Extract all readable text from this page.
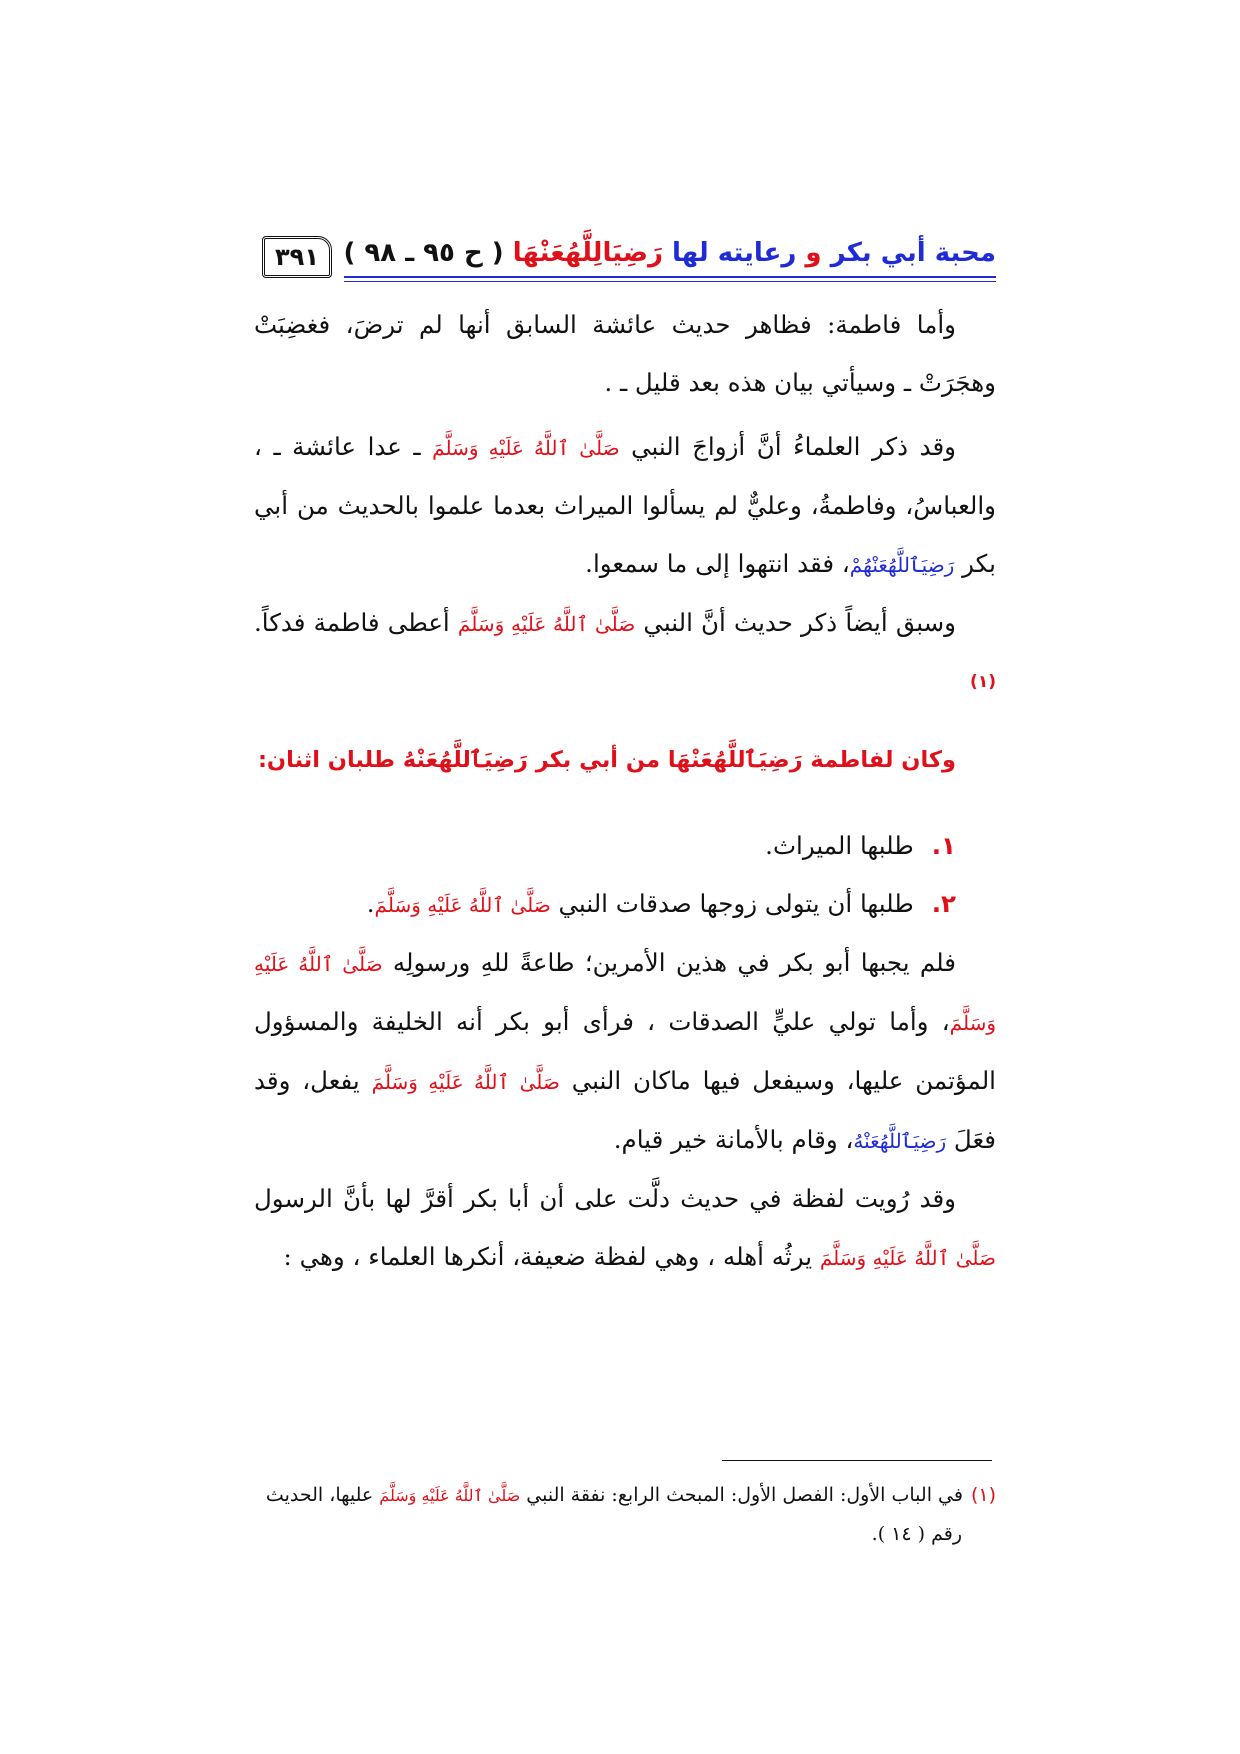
محبة أبي بكر و رعايته لها رَضِيَالِلَّهُعَنْهَا ( ح ٩٥ ـ ٩٨ )
٣٩١

وأما فاطمة: فظاهر حديث عائشة السابق أنها لم ترضَ، فغضِبَتْ وهجَرَتْ ـ وسيأتي بيان هذه بعد قليل ـ .

وقد ذكر العلماءُ أنَّ أزواجَ النبي صَلَّىٰ ٱللَّهُ عَلَيْهِ وَسَلَّمَ ـ عدا عائشة ـ ، والعباسُ، وفاطمةُ، وعليٌّ لم يسألوا الميراث بعدما علموا بالحديث من أبي بكر رَضِيَٱللَّهُعَنْهُمْ، فقد انتهوا إلى ما سمعوا.

وسبق أيضاً ذكر حديث أنَّ النبي صَلَّىٰ ٱللَّهُ عَلَيْهِ وَسَلَّمَ أعطى فاطمة فدكاً. $^{(١)}$

وكان لفاطمة رَضِيَٱللَّهُعَنْهَا من أبي بكر رَضِيَٱللَّهُعَنْهُ طلبان اثنان:
١.طلبها الميراث.
٢.طلبها أن يتولى زوجها صدقات النبي صَلَّىٰ ٱللَّهُ عَلَيْهِ وَسَلَّمَ.

فلم يجبها أبو بكر في هذين الأمرين؛ طاعةً للهِ ورسولِه صَلَّىٰ ٱللَّهُ عَلَيْهِ وَسَلَّمَ، وأما تولي عليٍّ الصدقات ، فرأى أبو بكر أنه الخليفة والمسؤول المؤتمن عليها، وسيفعل فيها ماكان النبي صَلَّىٰ ٱللَّهُ عَلَيْهِ وَسَلَّمَ يفعل، وقد فعَلَ رَضِيَٱللَّهُعَنْهُ، وقام بالأمانة خير قيام.

وقد رُويت لفظة في حديث دلَّت على أن أبا بكر أقرَّ لها بأنَّ الرسول صَلَّىٰ ٱللَّهُ عَلَيْهِ وَسَلَّمَ يرثُه أهله ، وهي لفظة ضعيفة، أنكرها العلماء ، وهي :

(١)في الباب الأول: الفصل الأول: المبحث الرابع: نفقة النبي صَلَّىٰ ٱللَّهُ عَلَيْهِ وَسَلَّمَ عليها، الحديث
رقم ( ١٤ ).
